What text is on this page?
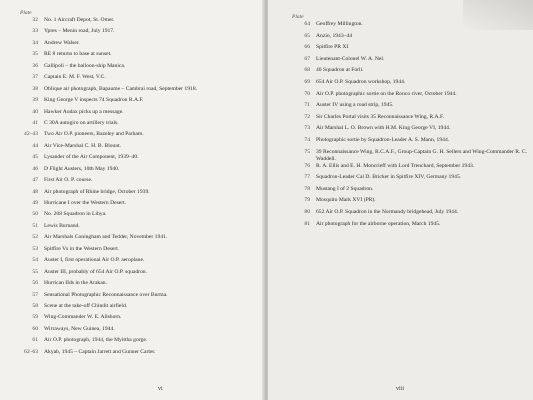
Plate
32	No. 1 Aircraft Depot, St. Omer.
33	Ypres – Menin road, July 1917.
34	Andrew Walser.
35	RE 8 returns to base at sunset.
36	Gallipoli – the balloon-ship Manica.
37	Captain E. M. F. West, V.C.
38	Oblique air photograph, Bapaume – Cambrai road, September 1918.
39	King George V inspects 74 Squadron R.A.F.
40	Hawker Audax picks up a message.
41	C 30A autogiro on artillery trials.
42–43	Two Air O.P. pioneers, Bazeley and Parham.
44	Air Vice-Marshal C. H. B. Blount.
45	Lysander of the Air Component, 1939–40.
46	D Flight Austers, 10th May 1940.
47	First Air O. P. course.
48	Air photograph of Rhine bridge, October 1939.
49	Hurricane I over the Western Desert.
50	No. 208 Squadron in Libya.
51	Lewis Burnand.
52	Air Marshals Coningham and Tedder, November 1941.
53	Spitfire Vs in the Western Desert.
54	Auster I, first operational Air O.P. aeroplane.
55	Auster III, probably of 654 Air O.P. squadron.
56	Hurrican IIds in the Arakan.
57	Sensational Photographic Reconnaissance over Burma.
58	Scene at the take-off Chindit airfield.
59	Wing-Commander W. E. Allshorn.
60	Wirraways, New Guinea, 1944.
61	Air O.P. photograph, 1944, the Myittha gorge.
62–63	Akyab, 1945 – Captain Jarrett and Gunner Carter.
vi
Plate
64	Geoffrey Millington.
65	Anzio, 1943–44
66	Spitfire PR XI
67	Lieutenant-Colonel W. A. Nel.
68	40 Squadron at Forli.
69	654 Air O.P. Squadron workshop, 1944.
70	Air O.P. photographic sortie on the Ronco river, October 1944.
71	Auster IV using a road strip, 1945.
72	Sir Charles Portal visits 35 Reconnaissance Wing, R.A.F.
73	Air Marshal L. O. Brown with H.M. King George VI, 1944.
74	Photographic sortie by Squadron-Leader A. S. Mann, 1944.
75	39 Reconnaissance Wing, R.C.A.F., Group-Captain G. H. Sellers and Wing-Commander R. C. Waddell.
76	R. A. Ellis and E. H. Moncrieff with Lord Trenchard, September 1943.
77	Squadron-Leader Cal D. Bricker in Spitfire XIV, Germany 1945.
78	Mustang I of 2 Squadron.
79	Mosquito Mark XVI (PR).
80	652 Air O.P. Squadron in the Normandy bridgehead, July 1944.
81	Air photograph for the airborne operation, March 1945.
viii
